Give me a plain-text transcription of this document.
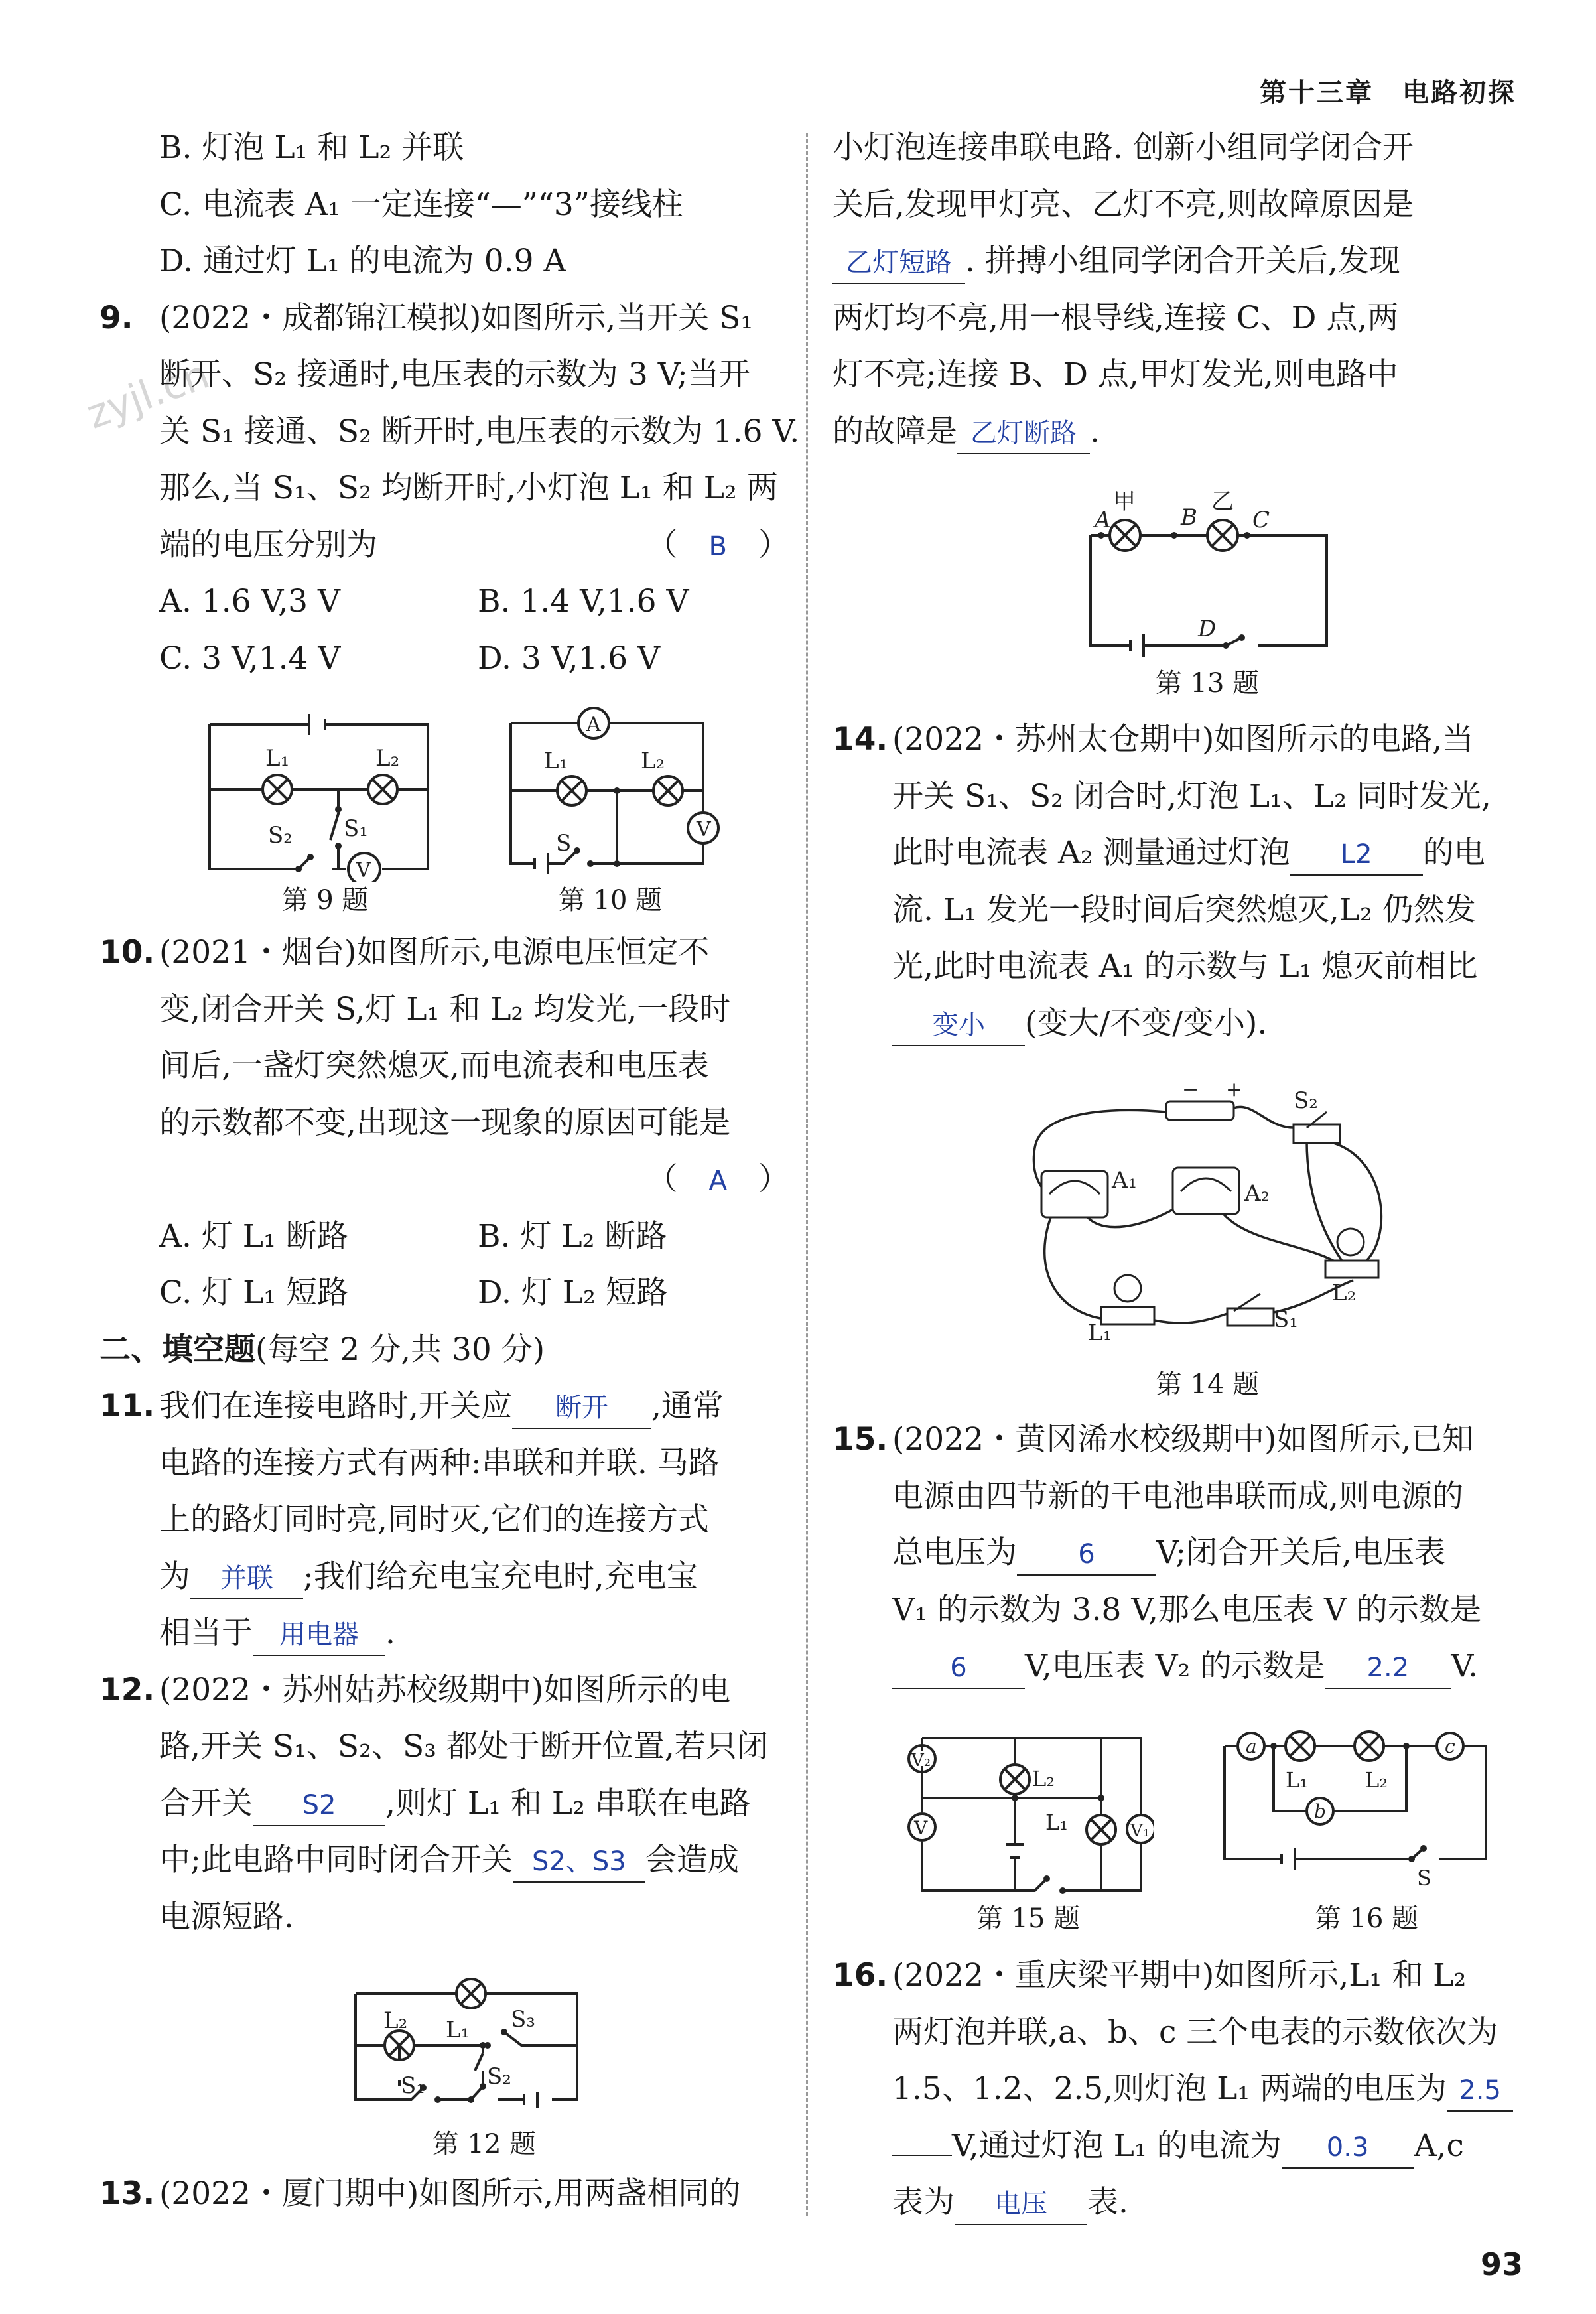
第十三章　电路初探
zyjl.cn
B. 灯泡 L₁ 和 L₂ 并联
C. 电流表 A₁ 一定连接“—”“3”接线柱
D. 通过灯 L₁ 的电流为 0.9 A
9. (2022・成都锦江模拟)如图所示,当开关 S₁
断开、S₂ 接通时,电压表的示数为 3 V;当开
关 S₁ 接通、S₂ 断开时,电压表的示数为 1.6 V.
那么,当 S₁、S₂ 均断开时,小灯泡 L₁ 和 L₂ 两
端的电压分别为	（　B　）
A. 1.6 V,3 V	B. 1.4 V,1.6 V
C. 3 V,1.4 V	D. 3 V,1.6 V
L₁	L₂
S₂ S₁
V
第 9 题
A
V
L₁	L₂
S
第 10 题
10. (2021・烟台)如图所示,电源电压恒定不
变,闭合开关 S,灯 L₁ 和 L₂ 均发光,一段时
间后,一盏灯突然熄灭,而电流表和电压表
的示数都不变,出现这一现象的原因可能是
（　A　）
A. 灯 L₁ 断路	B. 灯 L₂ 断路
C. 灯 L₁ 短路	D. 灯 L₂ 短路
二、填空题(每空 2 分,共 30 分)
11. 我们在连接电路时,开关应 断开 ,通常
电路的连接方式有两种:串联和并联. 马路
上的路灯同时亮,同时灭,它们的连接方式
为 并联 ;我们给充电宝充电时,充电宝
相当于 用电器 .
12. (2022・苏州姑苏校级期中)如图所示的电
路,开关 S₁、S₂、S₃ 都处于断开位置,若只闭
合开关 S2 ,则灯 L₁ 和 L₂ 串联在电路
中;此电路中同时闭合开关 S2、S3 会造成
电源短路.
L₁
L₂	S₃
S₂
S₁
第 12 题
13. (2022・厦门期中)如图所示,用两盏相同的
小灯泡连接串联电路. 创新小组同学闭合开
关后,发现甲灯亮、乙灯不亮,则故障原因是
乙灯短路 . 拼搏小组同学闭合开关后,发现
两灯均不亮,用一根导线,连接 C、D 点,两
灯不亮;连接 B、D 点,甲灯发光,则电路中
的故障是 乙灯断路 .
A	B C
D
甲	乙
第 13 题
14. (2022・苏州太仓期中)如图所示的电路,当
开关 S₁、S₂ 闭合时,灯泡 L₁、L₂ 同时发光,
此时电流表 A₂ 测量通过灯泡 L2 的电
流. L₁ 发光一段时间后突然熄灭,L₂ 仍然发
光,此时电流表 A₁ 的示数与 L₁ 熄灭前相比
变小 (变大/不变/变小).
− + S₂
A₁	A₂
L₂
S₁
L₁
第 14 题
15. (2022・黄冈浠水校级期中)如图所示,已知
电源由四节新的干电池串联而成,则电源的
总电压为 6 V;闭合开关后,电压表
V₁ 的示数为 3.8 V,那么电压表 V 的示数是
6 V,电压表 V₂ 的示数是 2.2 V.
V₂
V	V₁
L₂
L₁
第 15 题
a	c
b
L₁	L₂
S
第 16 题
16. (2022・重庆梁平期中)如图所示,L₁ 和 L₂
两灯泡并联,a、b、c 三个电表的示数依次为
1.5、1.2、2.5,则灯泡 L₁ 两端的电压为 2.5
V,通过灯泡 L₁ 的电流为 0.3 A,c
表为 电压 表.
93
